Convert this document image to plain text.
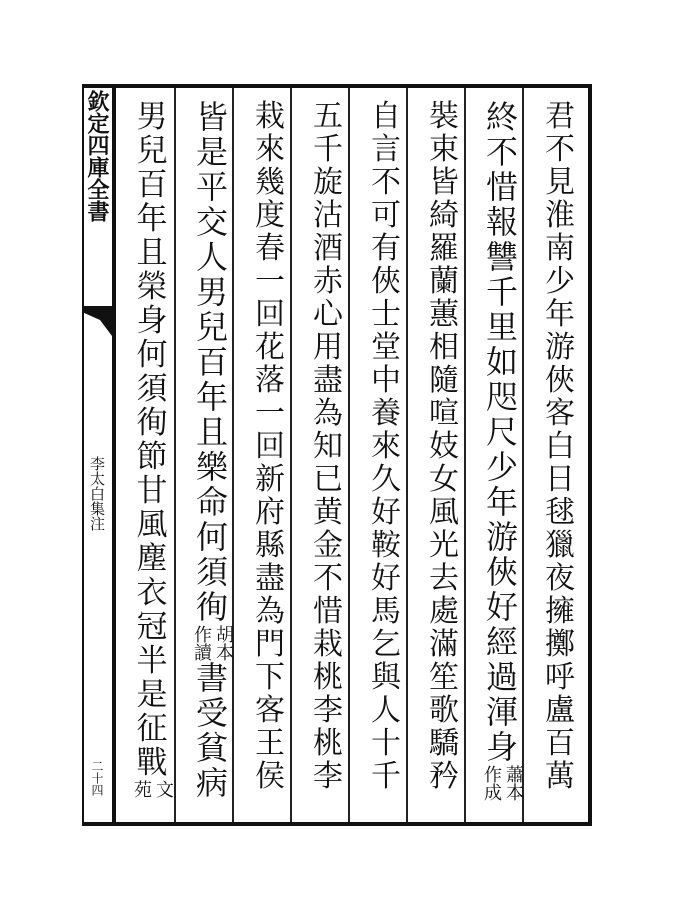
欽定四庫全書
李太白集注
二十四
君
不
見
淮
南
少
年
游
俠
客
白
日
毬
獵
夜
擁
擲
呼
盧
百
萬
終
不
惜
報
讐
千
里
如
咫
尺
少
年
游
俠
好
經
過
渾
身
蕭本
作成
裝
束
皆
綺
羅
蘭
蕙
相
隨
喧
妓
女
風
光
去
處
滿
笙
歌
驕
矜
自
言
不
可
有
俠
士
堂
中
養
來
久
好
鞍
好
馬
乞
與
人
十
千
五
千
旋
沽
酒
赤
心
用
盡
為
知
已
黄
金
不
惜
栽
桃
李
桃
李
栽
來
幾
度
春
一
回
花
落
一
回
新
府
縣
盡
為
門
下
客
王
侯
皆
是
平
交
人
男
兒
百
年
且
樂
命
何
須
徇
胡本
作讀
書
受
貧
病
男
兒
百
年
且
榮
身
何
須
徇
節
甘
風
塵
衣
冠
半
是
征
戰
文
苑
